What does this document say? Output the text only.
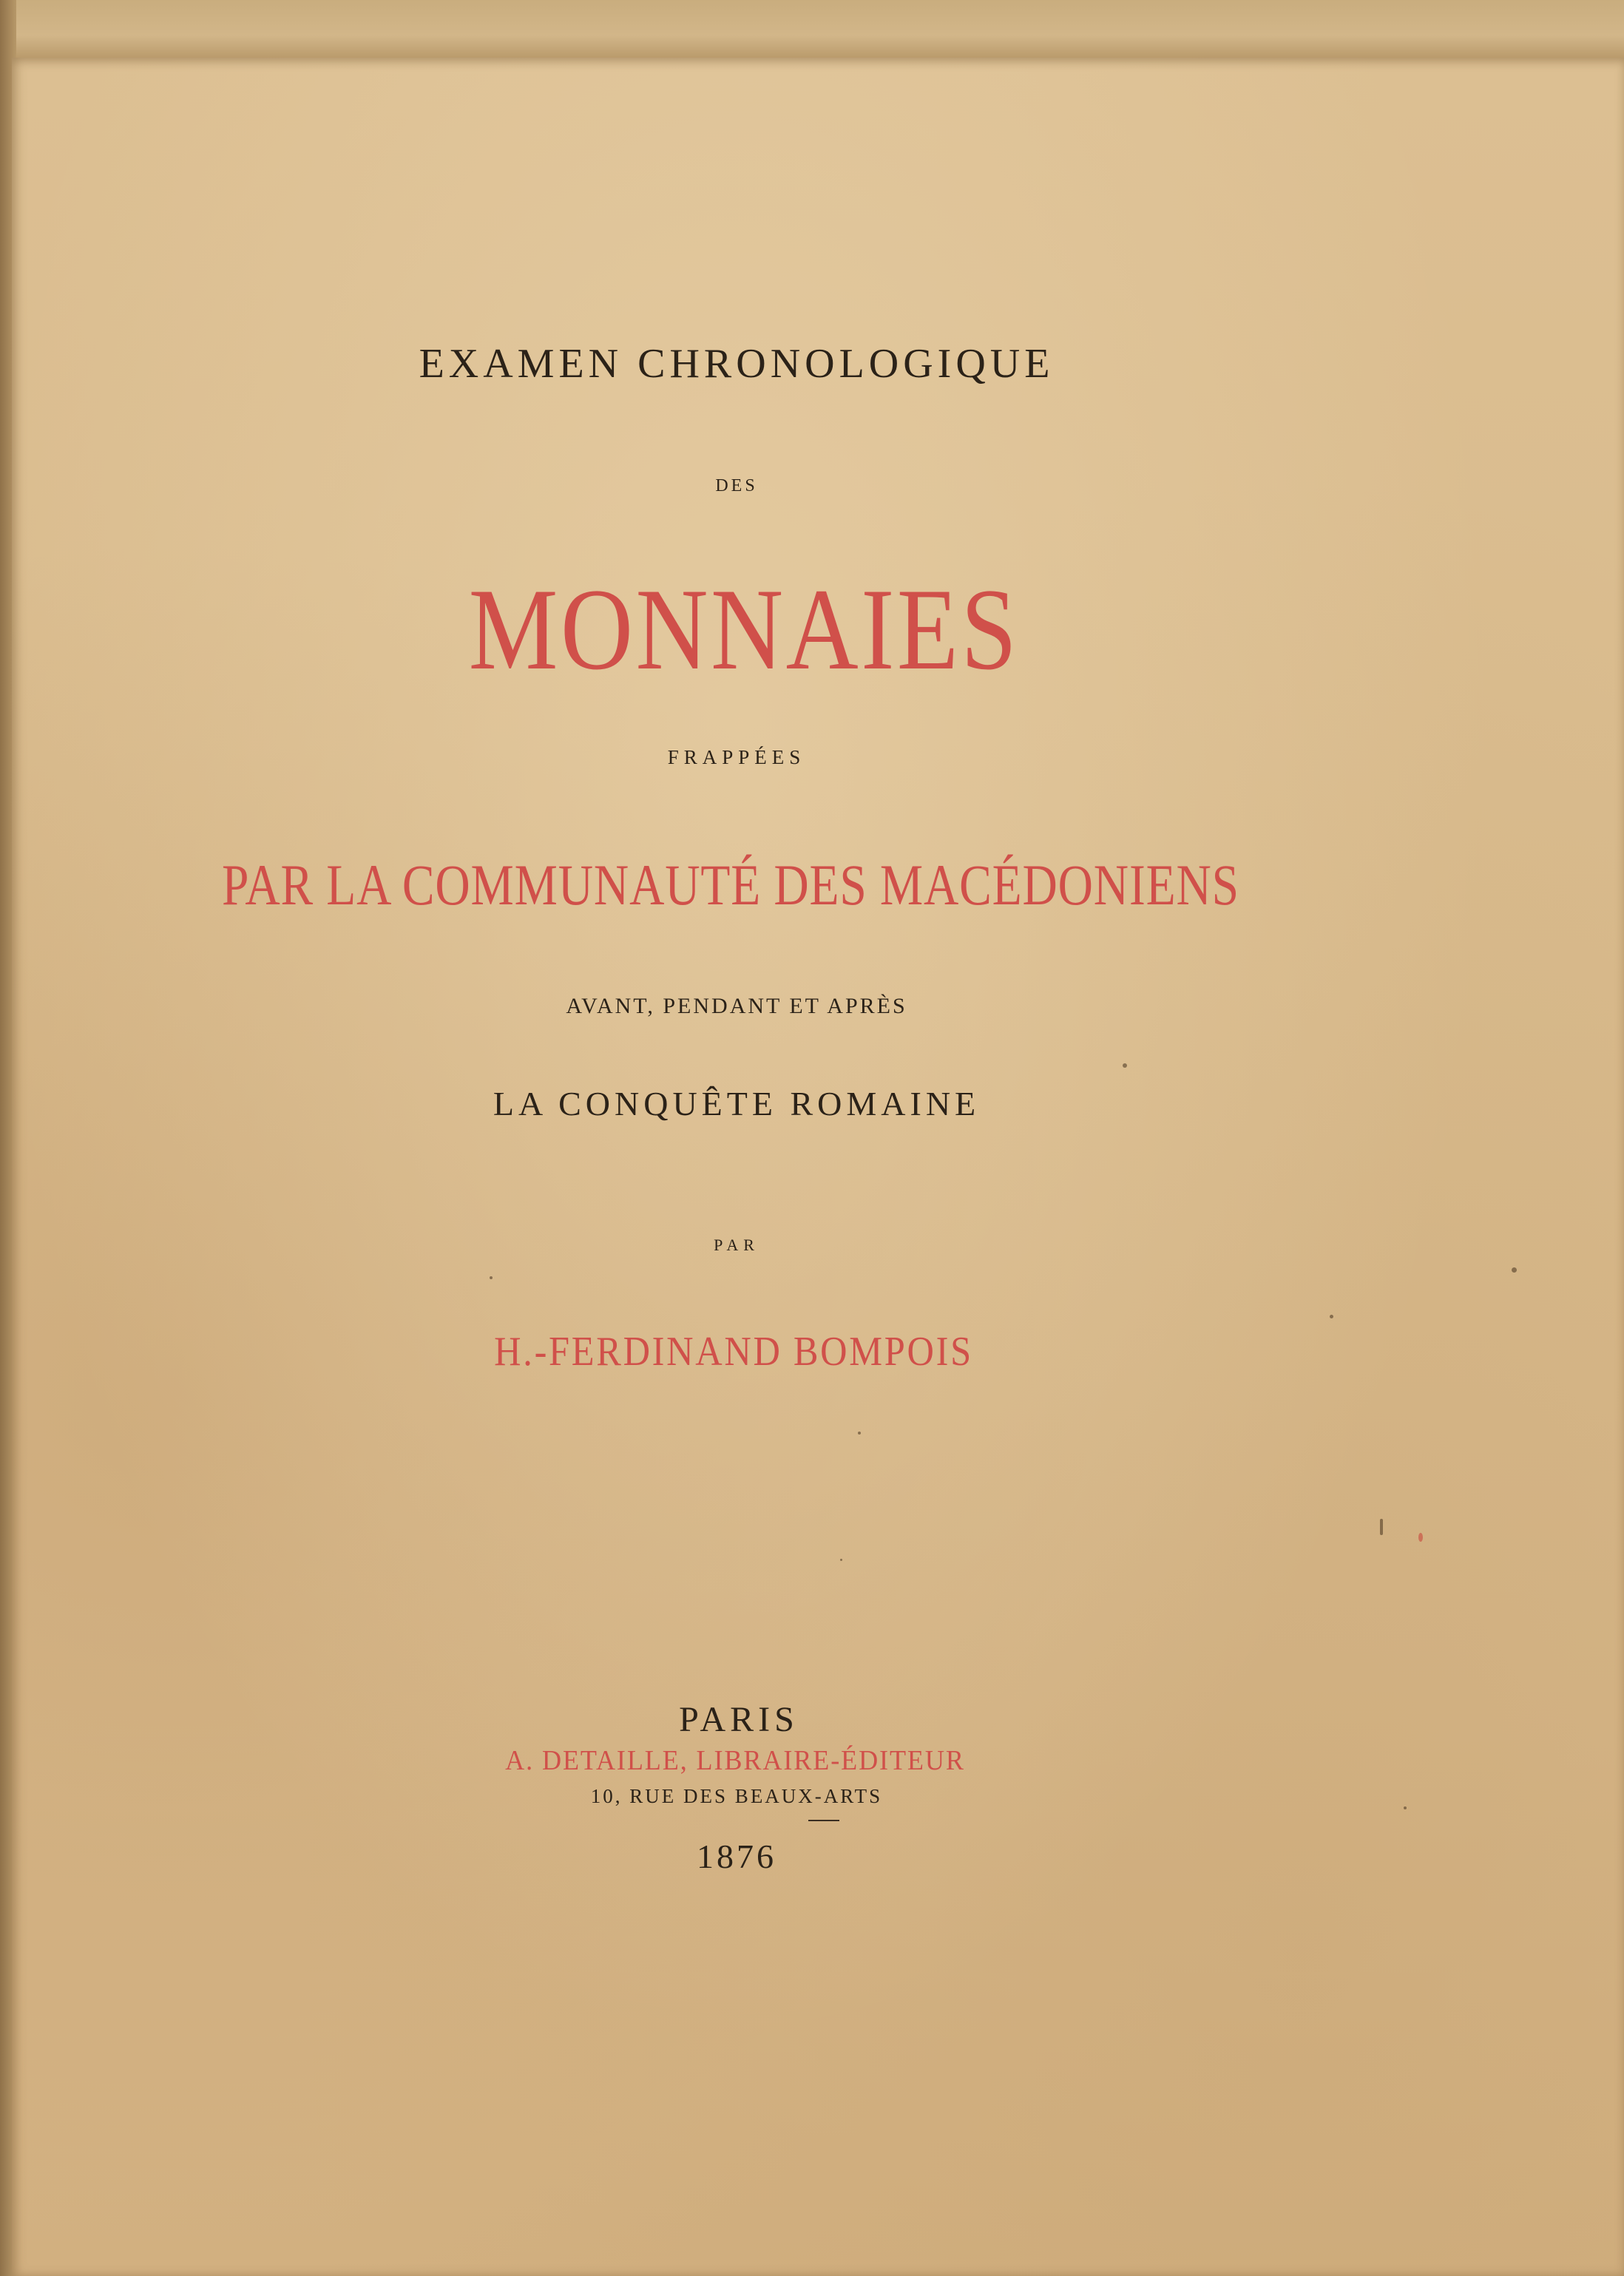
EXAMEN CHRONOLOGIQUE
DES
MONNAIES
FRAPPÉES
PAR LA COMMUNAUTÉ DES MACÉDONIENS
AVANT, PENDANT ET APRÈS
LA CONQUÊTE ROMAINE
PAR
H.-FERDINAND BOMPOIS
PARIS
A. DETAILLE, LIBRAIRE-ÉDITEUR
10, RUE DES BEAUX-ARTS
1876
